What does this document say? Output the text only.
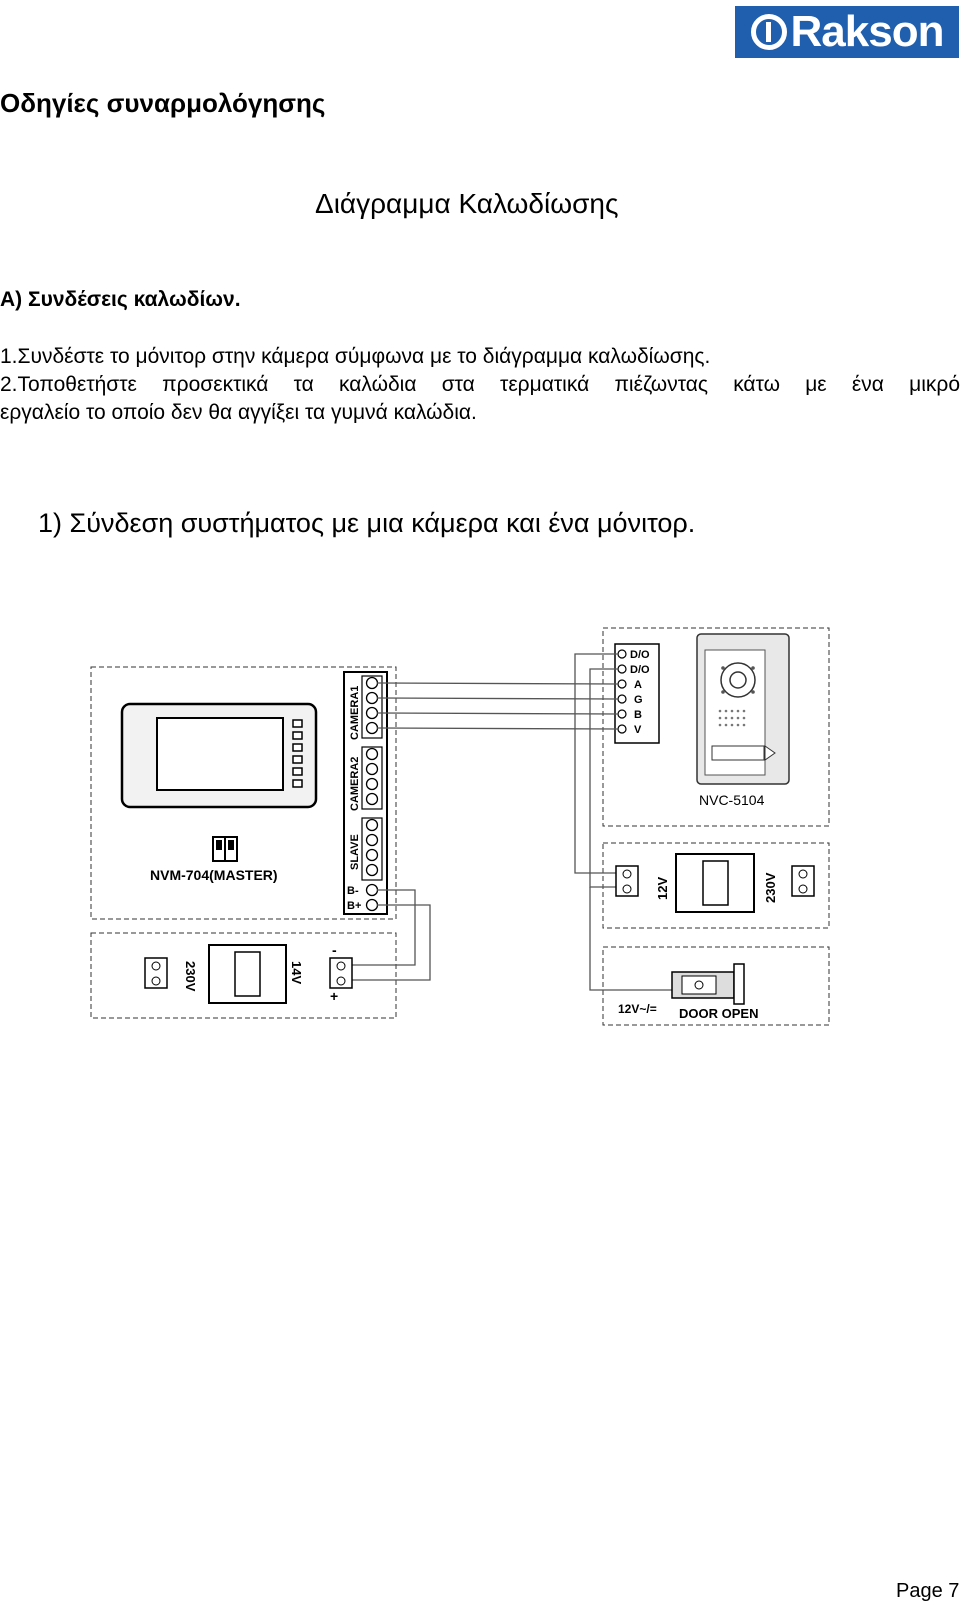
Rakson
Οδηγίες συναρμολόγησης
Διάγραμμα Καλωδίωσης
A) Συνδέσεις καλωδίων.
1.Συνδέστε το μόνιτορ στην κάμερα σύμφωνα με το διάγραμμα καλωδίωσης.
2.Τοποθετήστε προσεκτικά τα καλώδια στα τερματικά πιέζωντας κάτω με ένα μικρό
εργαλείο το οποίο δεν θα αγγίξει τα γυμνά καλώδια.
1) Σύνδεση συστήματος με μια κάμερα και ένα μόνιτορ.
NVM-704(MASTER)
CAMERA1
CAMERA2
SLAVE
B-
B+
D/O
D/O
A
G
B
V
NVC-5104
230V	14V
-
+
12V	230V
12V~/= DOOR OPEN
Page 7
